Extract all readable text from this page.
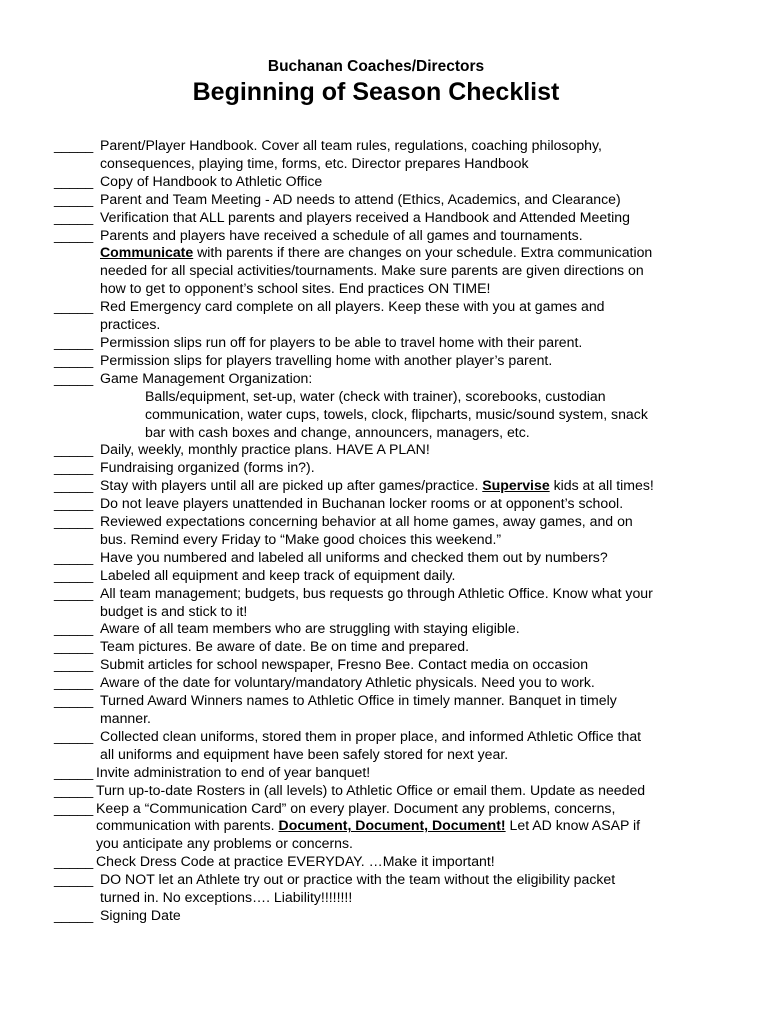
Buchanan Coaches/Directors
Beginning of Season Checklist
_____ Parent/Player Handbook. Cover all team rules, regulations, coaching philosophy,
consequences, playing time, forms, etc. Director prepares Handbook
_____ Copy of Handbook to Athletic Office
_____ Parent and Team Meeting - AD needs to attend (Ethics, Academics, and Clearance)
_____ Verification that ALL parents and players received a Handbook and Attended Meeting
_____ Parents and players have received a schedule of all games and tournaments.
Communicate with parents if there are changes on your schedule. Extra communication
needed for all special activities/tournaments. Make sure parents are given directions on
how to get to opponent’s school sites. End practices ON TIME!
_____ Red Emergency card complete on all players. Keep these with you at games and
practices.
_____ Permission slips run off for players to be able to travel home with their parent.
_____ Permission slips for players travelling home with another player’s parent.
_____ Game Management Organization:
Balls/equipment, set-up, water (check with trainer), scorebooks, custodian
communication, water cups, towels, clock, flipcharts, music/sound system, snack
bar with cash boxes and change, announcers, managers, etc.
_____ Daily, weekly, monthly practice plans. HAVE A PLAN!
_____ Fundraising organized (forms in?).
_____ Stay with players until all are picked up after games/practice. Supervise kids at all times!
_____ Do not leave players unattended in Buchanan locker rooms or at opponent’s school.
_____ Reviewed expectations concerning behavior at all home games, away games, and on
bus. Remind every Friday to “Make good choices this weekend.”
_____ Have you numbered and labeled all uniforms and checked them out by numbers?
_____ Labeled all equipment and keep track of equipment daily.
_____ All team management; budgets, bus requests go through Athletic Office. Know what your
budget is and stick to it!
_____ Aware of all team members who are struggling with staying eligible.
_____ Team pictures. Be aware of date. Be on time and prepared.
_____ Submit articles for school newspaper, Fresno Bee. Contact media on occasion
_____ Aware of the date for voluntary/mandatory Athletic physicals. Need you to work.
_____ Turned Award Winners names to Athletic Office in timely manner. Banquet in timely
manner.
_____ Collected clean uniforms, stored them in proper place, and informed Athletic Office that
all uniforms and equipment have been safely stored for next year.
_____ Invite administration to end of year banquet!
_____ Turn up-to-date Rosters in (all levels) to Athletic Office or email them. Update as needed
_____ Keep a “Communication Card” on every player. Document any problems, concerns,
communication with parents. Document, Document, Document! Let AD know ASAP if
you anticipate any problems or concerns.
_____ Check Dress Code at practice EVERYDAY. …Make it important!
_____ DO NOT let an Athlete try out or practice with the team without the eligibility packet
turned in. No exceptions…. Liability!!!!!!!!
_____ Signing Date
